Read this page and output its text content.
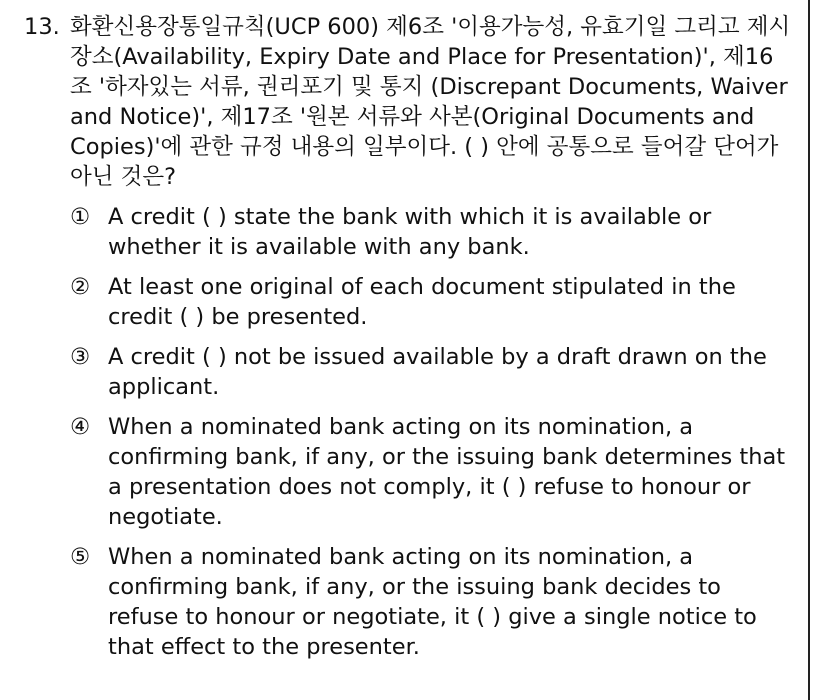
13. 화환신용장통일규칙(UCP 600) 제6조 '이용가능성, 유효기일 그리고 제시장소(Availability, Expiry Date and Place for Presentation)', 제16조 '하자있는 서류, 권리포기 및 통지 (Discrepant Documents, Waiver and Notice)', 제17조 '원본 서류와 사본(Original Documents and Copies)'에 관한 규정 내용의 일부이다. ( ) 안에 공통으로 들어갈 단어가 아닌 것은?
① A credit ( ) state the bank with which it is available or whether it is available with any bank.
② At least one original of each document stipulated in the credit ( ) be presented.
③ A credit ( ) not be issued available by a draft drawn on the applicant.
④ When a nominated bank acting on its nomination, a confirming bank, if any, or the issuing bank determines that a presentation does not comply, it ( ) refuse to honour or negotiate.
⑤ When a nominated bank acting on its nomination, a confirming bank, if any, or the issuing bank decides to refuse to honour or negotiate, it ( ) give a single notice to that effect to the presenter.
